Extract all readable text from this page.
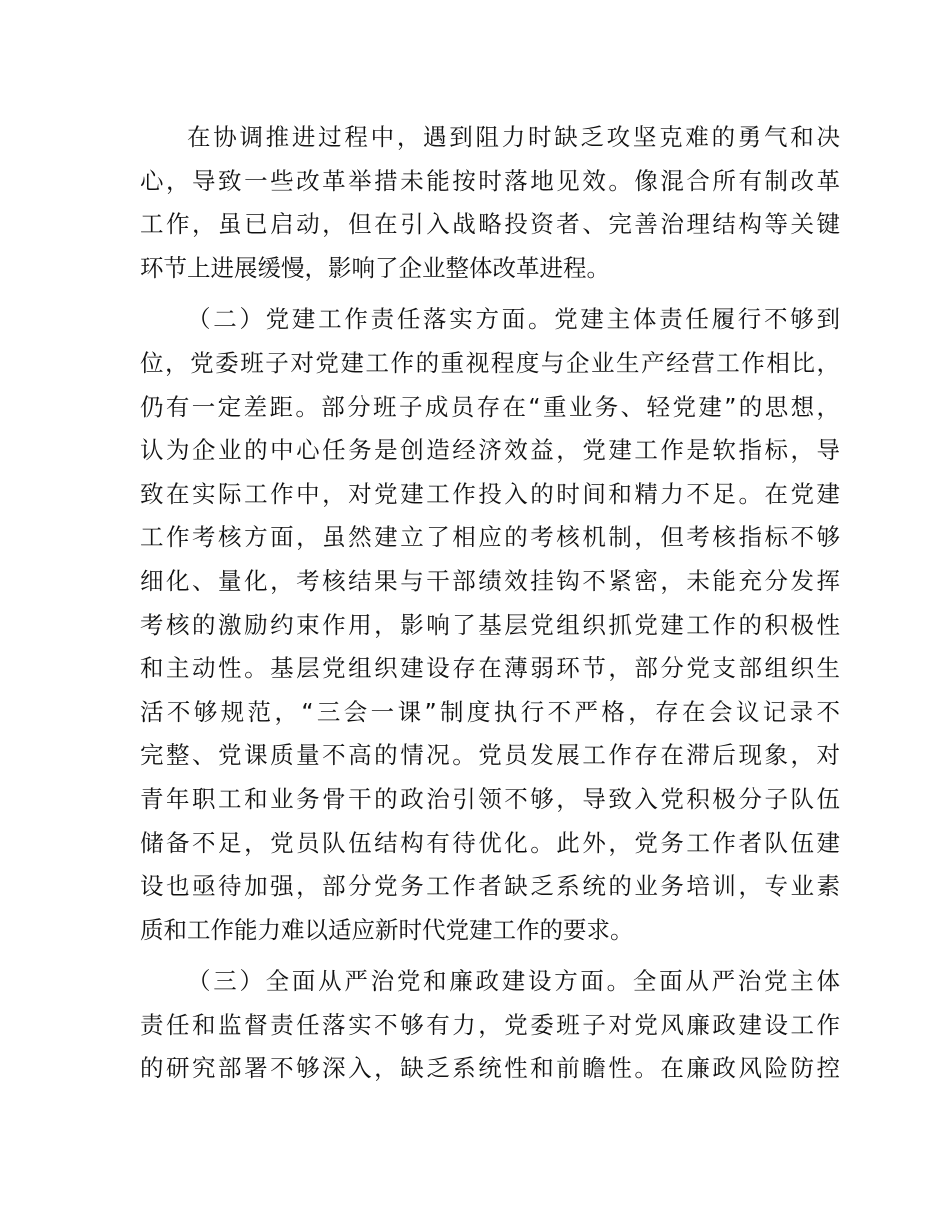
在协调推进过程中，遇到阻力时缺乏攻坚克难的勇气和决
心，导致一些改革举措未能按时落地见效。像混合所有制改革
工作，虽已启动，但在引入战略投资者、完善治理结构等关键
环节上进展缓慢，影响了企业整体改革进程。
（二）党建工作责任落实方面。党建主体责任履行不够到
位，党委班子对党建工作的重视程度与企业生产经营工作相比，
仍有一定差距。部分班子成员存在“重业务、轻党建”的思想，
认为企业的中心任务是创造经济效益，党建工作是软指标，导
致在实际工作中，对党建工作投入的时间和精力不足。在党建
工作考核方面，虽然建立了相应的考核机制，但考核指标不够
细化、量化，考核结果与干部绩效挂钩不紧密，未能充分发挥
考核的激励约束作用，影响了基层党组织抓党建工作的积极性
和主动性。基层党组织建设存在薄弱环节，部分党支部组织生
活不够规范，“三会一课”制度执行不严格，存在会议记录不
完整、党课质量不高的情况。党员发展工作存在滞后现象，对
青年职工和业务骨干的政治引领不够，导致入党积极分子队伍
储备不足，党员队伍结构有待优化。此外，党务工作者队伍建
设也亟待加强，部分党务工作者缺乏系统的业务培训，专业素
质和工作能力难以适应新时代党建工作的要求。
（三）全面从严治党和廉政建设方面。全面从严治党主体
责任和监督责任落实不够有力，党委班子对党风廉政建设工作
的研究部署不够深入，缺乏系统性和前瞻性。在廉政风险防控
